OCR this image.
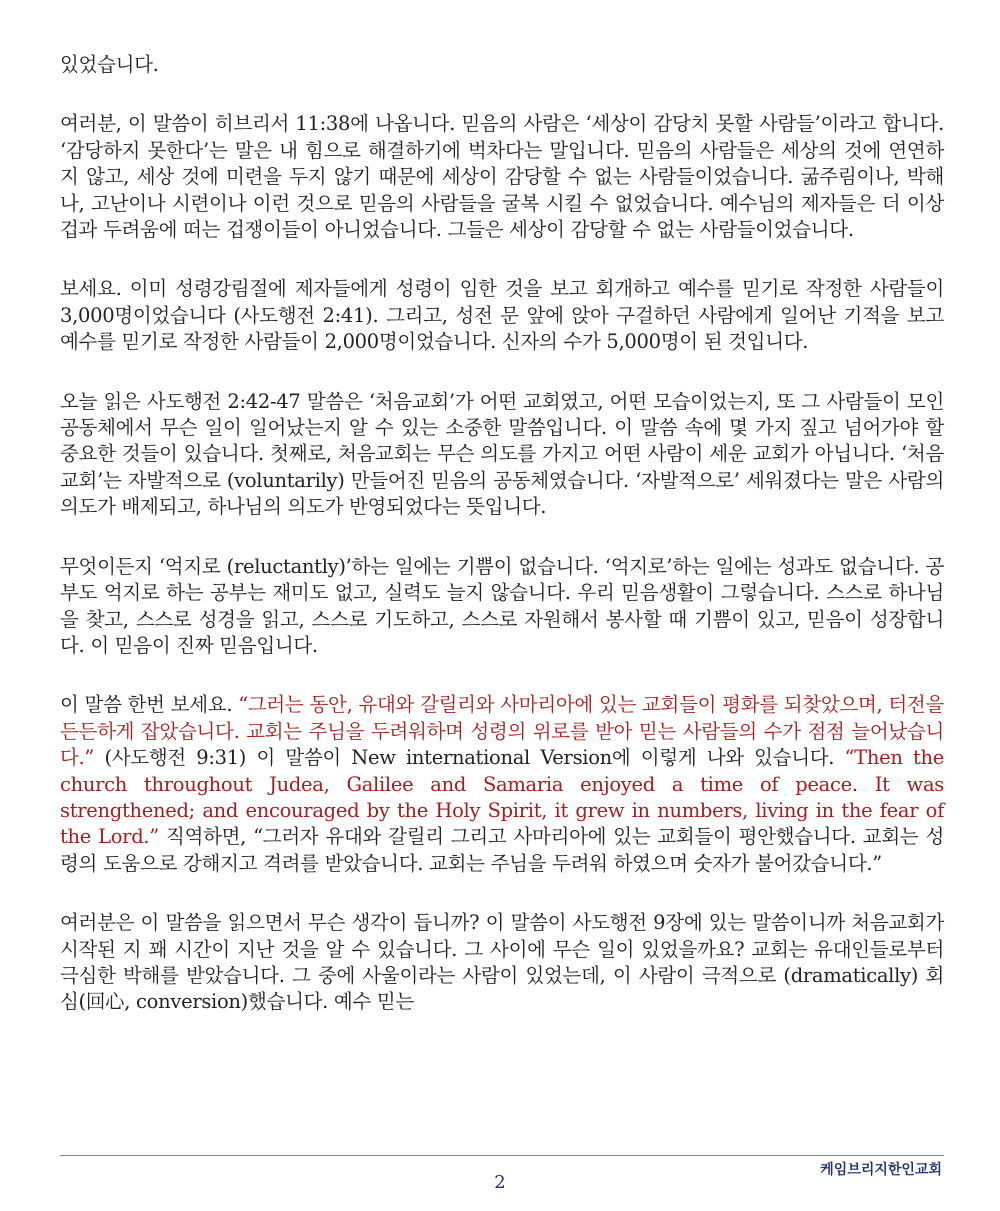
있었습니다.

여러분, 이 말씀이 히브리서 11:38에 나옵니다. 믿음의 사람은 ‘세상이 감당치 못할 사람들’이라고 합니다. ‘감당하지 못한다’는 말은 내 힘으로 해결하기에 벅차다는 말입니다. 믿음의 사람들은 세상의 것에 연연하지 않고, 세상 것에 미련을 두지 않기 때문에 세상이 감당할 수 없는 사람들이었습니다. 굶주림이나, 박해나, 고난이나 시련이나 이런 것으로 믿음의 사람들을 굴복 시킬 수 없었습니다. 예수님의 제자들은 더 이상 겁과 두려움에 떠는 겁쟁이들이 아니었습니다. 그들은 세상이 감당할 수 없는 사람들이었습니다.

보세요. 이미 성령강림절에 제자들에게 성령이 임한 것을 보고 회개하고 예수를 믿기로 작정한 사람들이 3,000명이었습니다 (사도행전 2:41). 그리고, 성전 문 앞에 앉아 구걸하던 사람에게 일어난 기적을 보고 예수를 믿기로 작정한 사람들이 2,000명이었습니다. 신자의 수가 5,000명이 된 것입니다.

오늘 읽은 사도행전 2:42-47 말씀은 ‘처음교회’가 어떤 교회였고, 어떤 모습이었는지, 또 그 사람들이 모인 공동체에서 무슨 일이 일어났는지 알 수 있는 소중한 말씀입니다. 이 말씀 속에 몇 가지 짚고 넘어가야 할 중요한 것들이 있습니다. 첫째로, 처음교회는 무슨 의도를 가지고 어떤 사람이 세운 교회가 아닙니다. ‘처음교회’는 자발적으로 (voluntarily) 만들어진 믿음의 공동체였습니다. ‘자발적으로’ 세워졌다는 말은 사람의 의도가 배제되고, 하나님의 의도가 반영되었다는 뜻입니다.

무엇이든지 ‘억지로 (reluctantly)’하는 일에는 기쁨이 없습니다. ‘억지로’하는 일에는 성과도 없습니다. 공부도 억지로 하는 공부는 재미도 없고, 실력도 늘지 않습니다. 우리 믿음생활이 그렇습니다. 스스로 하나님을 찾고, 스스로 성경을 읽고, 스스로 기도하고, 스스로 자원해서 봉사할 때 기쁨이 있고, 믿음이 성장합니다. 이 믿음이 진짜 믿음입니다.

이 말씀 한번 보세요. “그러는 동안, 유대와 갈릴리와 사마리아에 있는 교회들이 평화를 되찾았으며, 터전을 든든하게 잡았습니다. 교회는 주님을 두려워하며 성령의 위로를 받아 믿는 사람들의 수가 점점 늘어났습니다.” (사도행전 9:31) 이 말씀이 New international Version에 이렇게 나와 있습니다. “Then the church throughout Judea, Galilee and Samaria enjoyed a time of peace. It was strengthened; and encouraged by the Holy Spirit, it grew in numbers, living in the fear of the Lord.” 직역하면, “그러자 유대와 갈릴리 그리고 사마리아에 있는 교회들이 평안했습니다. 교회는 성령의 도움으로 강해지고 격려를 받았습니다. 교회는 주님을 두려워 하였으며 숫자가 불어갔습니다.”

여러분은 이 말씀을 읽으면서 무슨 생각이 듭니까? 이 말씀이 사도행전 9장에 있는 말씀이니까 처음교회가 시작된 지 꽤 시간이 지난 것을 알 수 있습니다. 그 사이에 무슨 일이 있었을까요? 교회는 유대인들로부터 극심한 박해를 받았습니다. 그 중에 사울이라는 사람이 있었는데, 이 사람이 극적으로 (dramatically) 회심(回心, conversion)했습니다. 예수 믿는

케임브리지한인교회
2
